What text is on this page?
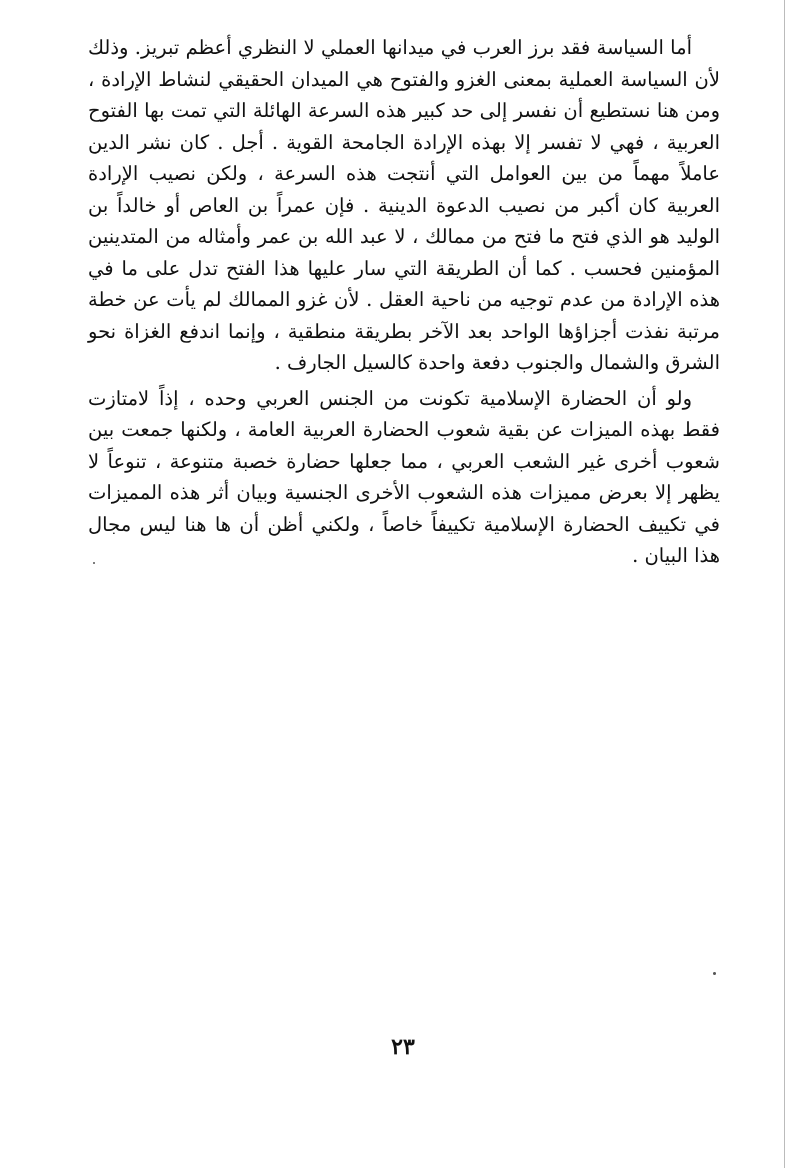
أما السياسة فقد برز العرب في ميدانها العملي لا النظري أعظم تبريز. وذلك لأن السياسة العملية بمعنى الغزو والفتوح هي الميدان الحقيقي لنشاط الإرادة ، ومن هنا نستطيع أن نفسر إلى حد كبير هذه السرعة الهائلة التي تمت بها الفتوح العربية ، فهي لا تفسر إلا بهذه الإرادة الجامحة القوية . أجل . كان نشر الدين عاملاً مهماً من بين العوامل التي أنتجت هذه السرعة ، ولكن نصيب الإرادة العربية كان أكبر من نصيب الدعوة الدينية . فإن عمراً بن العاص أو خالداً بن الوليد هو الذي فتح ما فتح من ممالك ، لا عبد الله بن عمر وأمثاله من المتدينين المؤمنين فحسب . كما أن الطريقة التي سار عليها هذا الفتح تدل على ما في هذه الإرادة من عدم توجيه من ناحية العقل . لأن غزو الممالك لم يأت عن خطة مرتبة نفذت أجزاؤها الواحد بعد الآخر بطريقة منطقية ، وإنما اندفع الغزاة نحو الشرق والشمال والجنوب دفعة واحدة كالسيل الجارف .

ولو أن الحضارة الإسلامية تكونت من الجنس العربي وحده ، إذاً لامتازت فقط بهذه الميزات عن بقية شعوب الحضارة العربية العامة ، ولكنها جمعت بين شعوب أخرى غير الشعب العربي ، مما جعلها حضارة خصبة متنوعة ، تنوعاً لا يظهر إلا بعرض مميزات هذه الشعوب الأخرى الجنسية وبيان أثر هذه المميزات في تكييف الحضارة الإسلامية تكييفاً خاصاً ، ولكني أظن أن ها هنا ليس مجال هذا البيان .

٢٣
